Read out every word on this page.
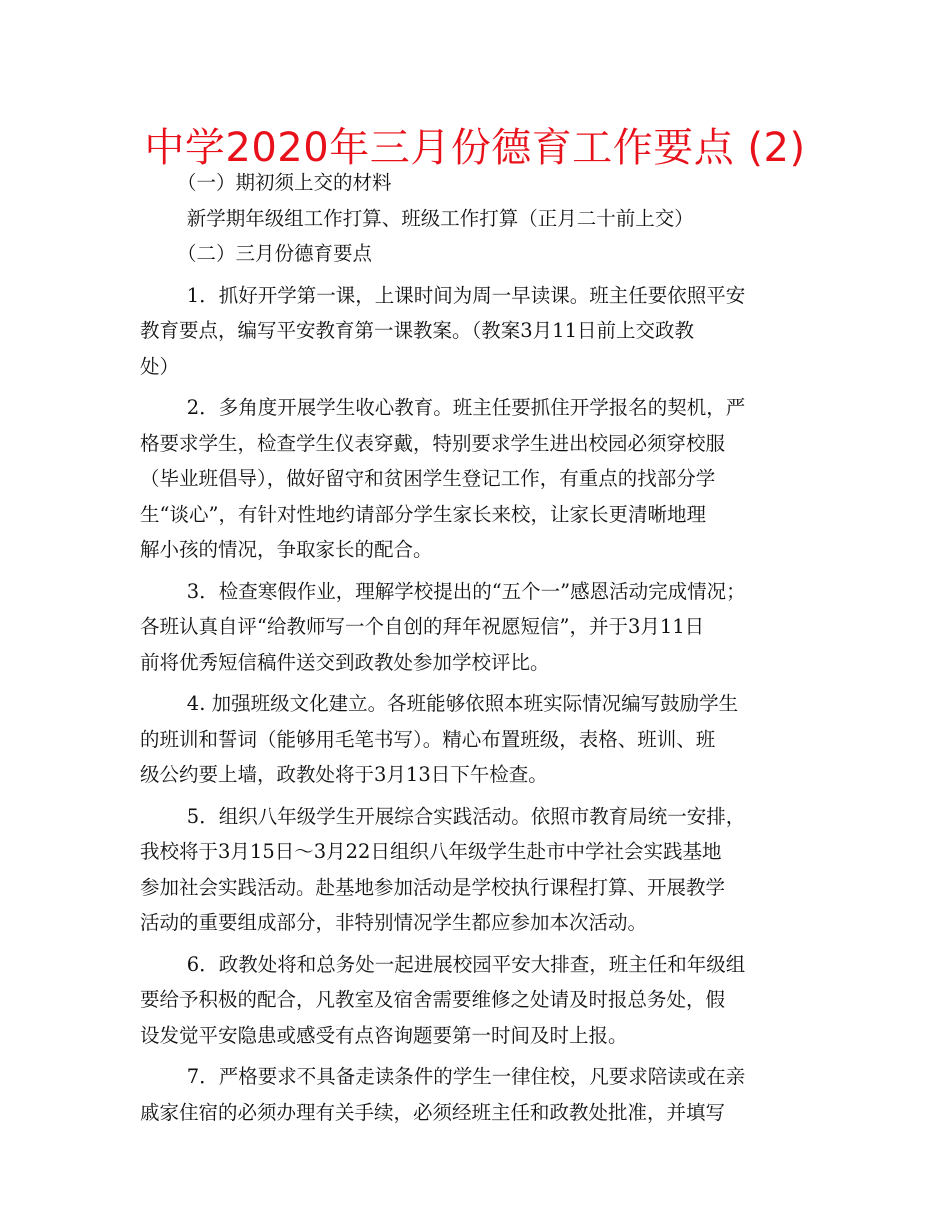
中学2020年三月份德育工作要点 (2)

（一）期初须上交的材料

新学期年级组工作打算、班级工作打算（正月二十前上交）

（二）三月份德育要点

1．抓好开学第一课，上课时间为周一早读课。班主任要依照平安
教育要点，编写平安教育第一课教案。（教案3月11日前上交政教
处）

2．多角度开展学生收心教育。班主任要抓住开学报名的契机，严
格要求学生，检查学生仪表穿戴，特别要求学生进出校园必须穿校服
（毕业班倡导），做好留守和贫困学生登记工作，有重点的找部分学
生“谈心”，有针对性地约请部分学生家长来校，让家长更清晰地理
解小孩的情况，争取家长的配合。

3．检查寒假作业，理解学校提出的“五个一”感恩活动完成情况；
各班认真自评“给教师写一个自创的拜年祝愿短信”，并于3月11日
前将优秀短信稿件送交到政教处参加学校评比。

4. 加强班级文化建立。各班能够依照本班实际情况编写鼓励学生
的班训和誓词（能够用毛笔书写）。精心布置班级，表格、班训、班
级公约要上墙，政教处将于3月13日下午检查。

5．组织八年级学生开展综合实践活动。依照市教育局统一安排，
我校将于3月15日～3月22日组织八年级学生赴市中学社会实践基地
参加社会实践活动。赴基地参加活动是学校执行课程打算、开展教学
活动的重要组成部分，非特别情况学生都应参加本次活动。

6．政教处将和总务处一起进展校园平安大排查，班主任和年级组
要给予积极的配合，凡教室及宿舍需要维修之处请及时报总务处，假
设发觉平安隐患或感受有点咨询题要第一时间及时上报。

7．严格要求不具备走读条件的学生一律住校，凡要求陪读或在亲
戚家住宿的必须办理有关手续，必须经班主任和政教处批准，并填写
